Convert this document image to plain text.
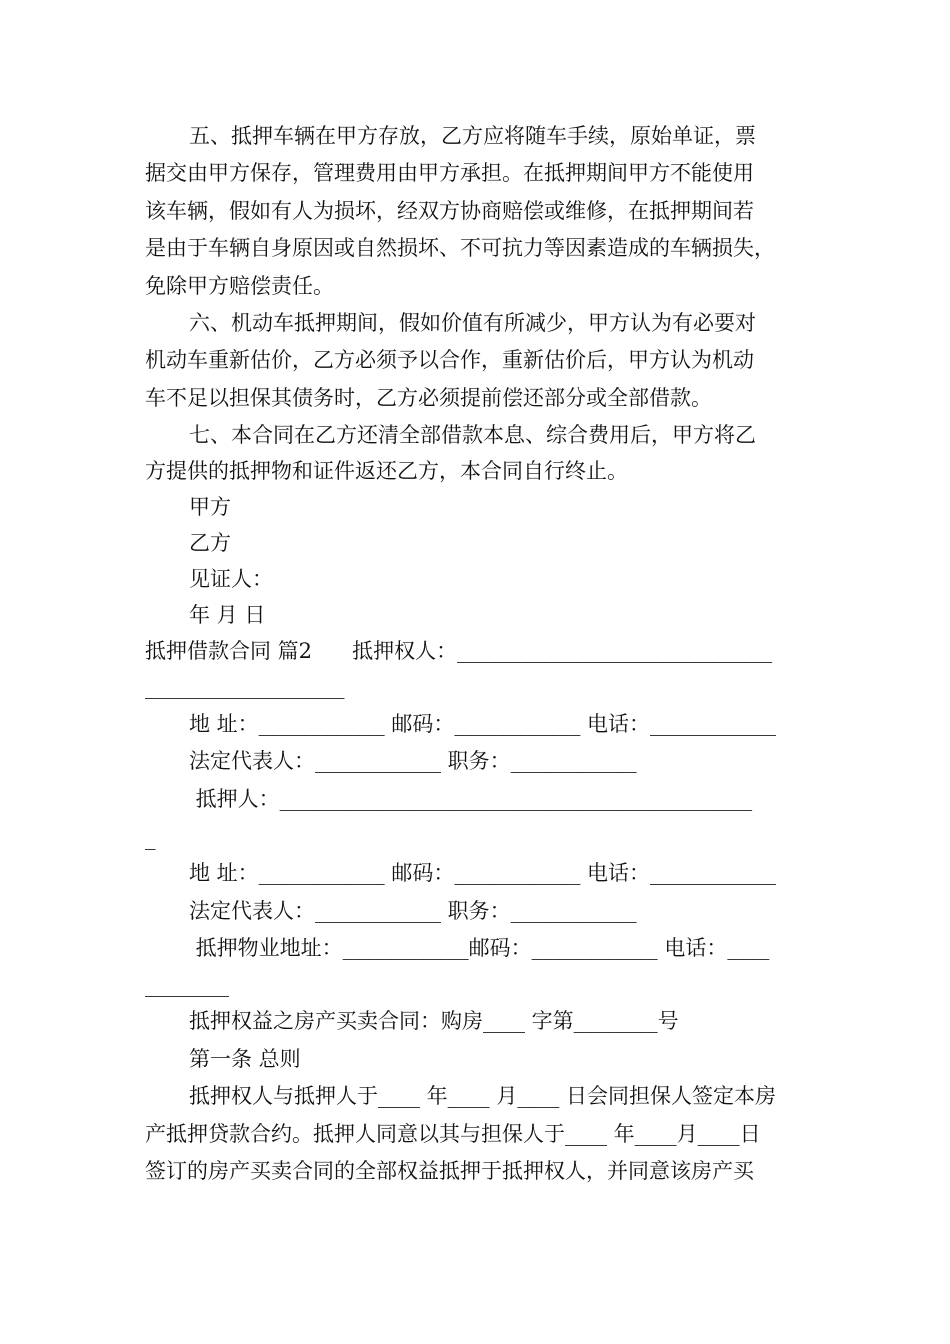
五、抵押车辆在甲方存放，乙方应将随车手续，原始单证，票
据交由甲方保存，管理费用由甲方承担。在抵押期间甲方不能使用
该车辆，假如有人为损坏，经双方协商赔偿或维修，在抵押期间若
是由于车辆自身原因或自然损坏、不可抗力等因素造成的车辆损失，
免除甲方赔偿责任。
六、机动车抵押期间，假如价值有所减少，甲方认为有必要对
机动车重新估价，乙方必须予以合作，重新估价后，甲方认为机动
车不足以担保其债务时，乙方必须提前偿还部分或全部借款。
七、本合同在乙方还清全部借款本息、综合费用后，甲方将乙
方提供的抵押物和证件返还乙方，本合同自行终止。
甲方
乙方
见证人：
年 月 日
抵押借款合同 篇2      抵押权人：______________________________
___________________
地 址：____________ 邮码：____________ 电话：____________
法定代表人：____________ 职务：____________
抵押人：_____________________________________________
_
地 址：____________ 邮码：____________ 电话：____________
法定代表人：____________ 职务：____________
抵押物业地址：____________邮码：____________ 电话：____
________
抵押权益之房产买卖合同：购房____ 字第________号
第一条 总则
抵押权人与抵押人于____ 年____ 月____ 日会同担保人签定本房
产抵押贷款合约。抵押人同意以其与担保人于____ 年____月____日
签订的房产买卖合同的全部权益抵押于抵押权人，并同意该房产买
